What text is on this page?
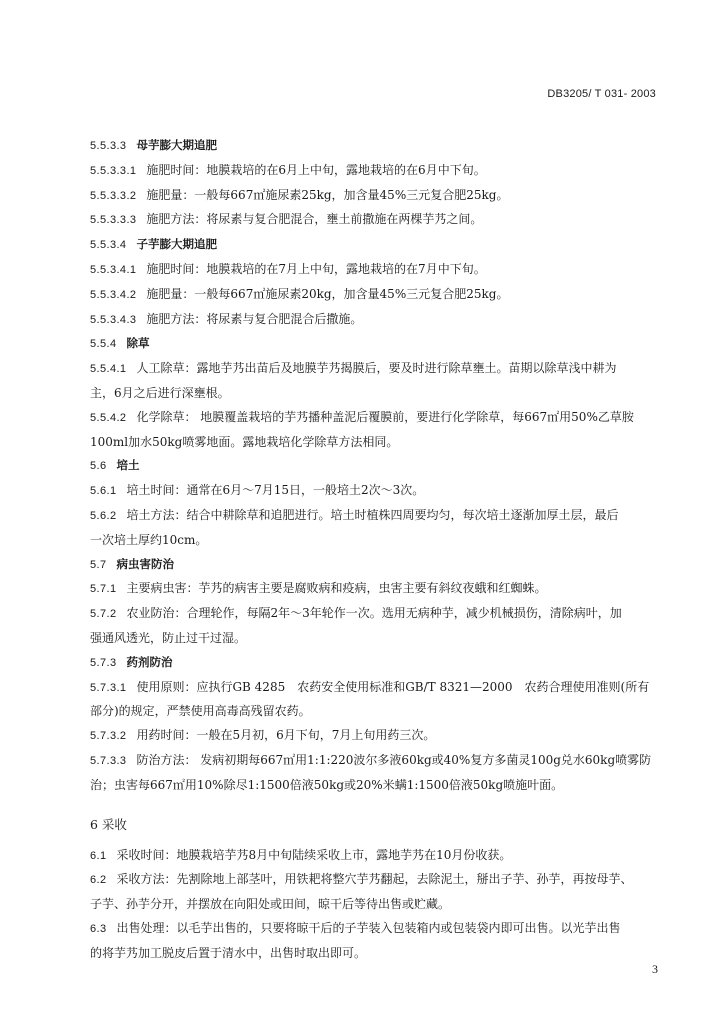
DB3205/ T 031- 2003
5.5.3.3 母芋膨大期追肥
5.5.3.3.1 施肥时间：地膜栽培的在6月上中旬，露地栽培的在6月中下旬。
5.5.3.3.2 施肥量：一般每667㎡施尿素25kg，加含量45%三元复合肥25kg。
5.5.3.3.3 施肥方法：将尿素与复合肥混合，壅土前撒施在两棵芋艿之间。
5.5.3.4 子芋膨大期追肥
5.5.3.4.1 施肥时间：地膜栽培的在7月上中旬，露地栽培的在7月中下旬。
5.5.3.4.2 施肥量：一般每667㎡施尿素20kg，加含量45%三元复合肥25kg。
5.5.3.4.3 施肥方法：将尿素与复合肥混合后撒施。
5.5.4 除草
5.5.4.1 人工除草：露地芋艿出苗后及地膜芋艿揭膜后，要及时进行除草壅土。苗期以除草浅中耕为
主，6月之后进行深壅根。
5.5.4.2 化学除草： 地膜覆盖栽培的芋艿播种盖泥后覆膜前，要进行化学除草，每667㎡用50%乙草胺
100ml加水50kg喷雾地面。露地栽培化学除草方法相同。
5.6 培土
5.6.1 培土时间：通常在6月～7月15日，一般培土2次～3次。
5.6.2 培土方法：结合中耕除草和追肥进行。培土时植株四周要均匀，每次培土逐渐加厚土层，最后
一次培土厚约10cm。
5.7 病虫害防治
5.7.1 主要病虫害：芋艿的病害主要是腐败病和疫病，虫害主要有斜纹夜蛾和红蜘蛛。
5.7.2 农业防治：合理轮作，每隔2年～3年轮作一次。选用无病种芋，减少机械损伤，清除病叶，加
强通风透光，防止过干过湿。
5.7.3 药剂防治
5.7.3.1 使用原则：应执行GB 4285　农药安全使用标准和GB/T 8321—2000　农药合理使用准则(所有
部分)的规定，严禁使用高毒高残留农药。
5.7.3.2 用药时间：一般在5月初，6月下旬，7月上旬用药三次。
5.7.3.3 防治方法： 发病初期每667㎡用1:1:220波尔多液60kg或40%复方多菌灵100g兑水60kg喷雾防
治；虫害每667㎡用10%除尽1:1500倍液50kg或20%米螨1:1500倍液50kg喷施叶面。
6 采收
6.1 采收时间：地膜栽培芋艿8月中旬陆续采收上市，露地芋艿在10月份收获。
6.2 采收方法：先割除地上部茎叶，用铁耙将整穴芋艿翻起，去除泥土，掰出子芋、孙芋，再按母芋、
子芋、孙芋分开，并摆放在向阳处或田间，晾干后等待出售或贮藏。
6.3 出售处理：以毛芋出售的，只要将晾干后的子芋装入包装箱内或包装袋内即可出售。以光芋出售
的将芋艿加工脱皮后置于清水中，出售时取出即可。
3
